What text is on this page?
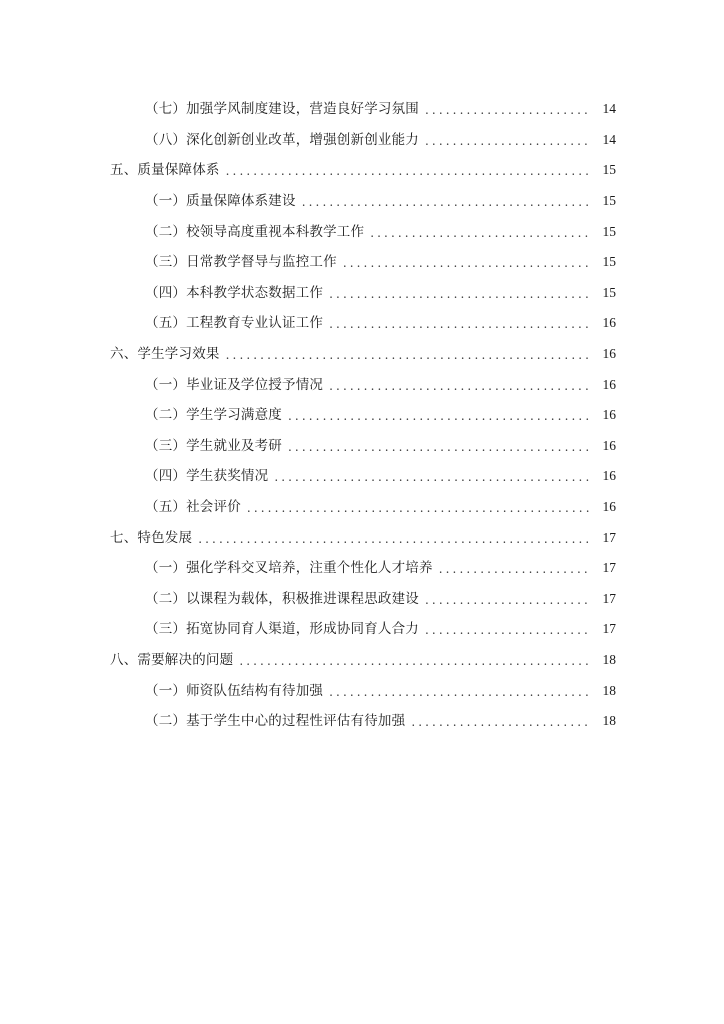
（七）加强学风制度建设，营造良好学习氛围 .....	14
（八）深化创新创业改革，增强创新创业能力 .....	14
五、质量保障体系 .....	15
（一）质量保障体系建设 .....	15
（二）校领导高度重视本科教学工作 .....	15
（三）日常教学督导与监控工作 .....	15
（四）本科教学状态数据工作 .....	15
（五）工程教育专业认证工作 .....	16
六、学生学习效果 .....	16
（一）毕业证及学位授予情况 .....	16
（二）学生学习满意度 .....	16
（三）学生就业及考研 .....	16
（四）学生获奖情况 .....	16
（五）社会评价 .....	16
七、特色发展 .....	17
（一）强化学科交叉培养，注重个性化人才培养 .....	17
（二）以课程为载体，积极推进课程思政建设 .....	17
（三）拓宽协同育人渠道，形成协同育人合力 .....	17
八、需要解决的问题 .....	18
（一）师资队伍结构有待加强 .....	18
（二）基于学生中心的过程性评估有待加强 .....	18
